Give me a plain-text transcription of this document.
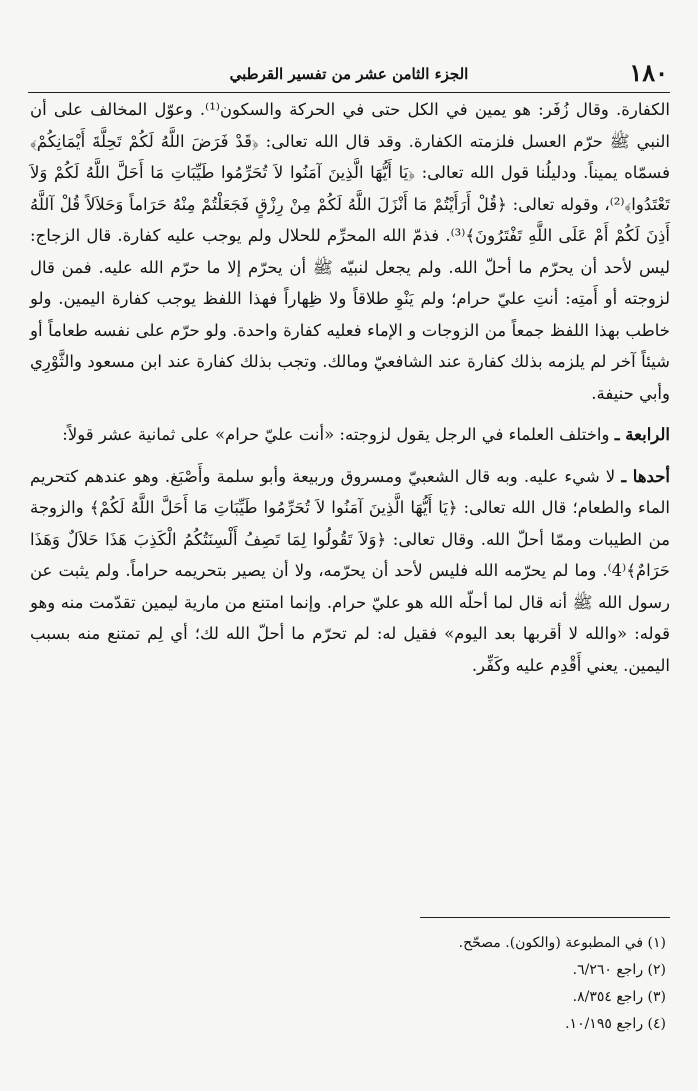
١٨٠
الجزء الثامن عشر من تفسير القرطبي

الكفارة. وقال زُفَر: هو يمين في الكل حتى في الحركة والسكون⁽¹⁾. وعوّل المخالف على أن النبي ﷺ حرّم العسل فلزمته الكفارة. وقد قال الله تعالى: ﴿قَدْ فَرَضَ اللَّهُ لَكُمْ تَحِلَّةَ أَيْمَانِكُمْ﴾ فسمّاه يميناً. ودليلُنا قول الله تعالى: ﴿يَا أَيُّهَا الَّذِينَ آمَنُوا لاَ تُحَرِّمُوا طَيِّبَاتِ مَا أَحَلَّ اللَّهُ لَكُمْ وَلاَ تَعْتَدُوا﴾⁽²⁾، وقوله تعالى: ﴿قُلْ أَرَأَيْتُمْ مَا أَنْزَلَ اللَّهُ لَكُمْ مِنْ رِزْقٍ فَجَعَلْتُمْ مِنْهُ حَرَاماً وَحَلاَلاً قُلْ آللَّهُ أَذِنَ لَكُمْ أَمْ عَلَى اللَّهِ تَفْتَرُونَ﴾⁽³⁾. فذمّ الله المحرِّم للحلال ولم يوجب عليه كفارة. قال الزجاج: ليس لأحد أن يحرّم ما أحلّ الله. ولم يجعل لنبيّه ﷺ أن يحرّم إلا ما حرّم الله عليه. فمن قال لزوجته أو أَمتِه: أنتِ عليّ حرام؛ ولم يَنْوِ طلاقاً ولا ظِهاراً فهذا اللفظ يوجب كفارة اليمين. ولو خاطب بهذا اللفظ جمعاً من الزوجات و الإماء فعليه كفارة واحدة. ولو حرّم على نفسه طعاماً أو شيئاً آخر لم يلزمه بذلك كفارة عند الشافعيّ ومالك. وتجب بذلك كفارة عند ابن مسعود والثَّوْرِي وأبي حنيفة.

الرابعة ـ واختلف العلماء في الرجل يقول لزوجته: «أنت عليّ حرام» على ثمانية عشر قولاً:

أحدها ـ لا شيء عليه. وبه قال الشعبيّ ومسروق وربيعة وأبو سلمة وأَصْبَغ. وهو عندهم كتحريم الماء والطعام؛ قال الله تعالى: ﴿يَا أَيُّهَا الَّذِينَ آمَنُوا لاَ تُحَرِّمُوا طَيِّبَاتِ مَا أَحَلَّ اللَّهُ لَكُمْ﴾ والزوجة من الطيبات وممّا أحلّ الله. وقال تعالى: ﴿وَلاَ تَقُولُوا لِمَا تَصِفُ أَلْسِنَتُكُمُ الْكَذِبَ هَذَا حَلاَلٌ وَهَذَا حَرَامٌ﴾⁽4⁾. وما لم يحرّمه الله فليس لأحد أن يحرّمه، ولا أن يصير بتحريمه حراماً. ولم يثبت عن رسول الله ﷺ أنه قال لما أحلّه الله هو عليّ حرام. وإنما امتنع من مارية ليمين تقدّمت منه وهو قوله: «والله لا أقربها بعد اليوم» فقيل له: لم تحرّم ما أحلّ الله لك؛ أي لِم تمتنع منه بسبب اليمين. يعني أَقْدِم عليه وكَفِّر.

(١) في المطبوعة (والكون). مصحّح.
(٢) راجع ٦/٢٦٠.
(٣) راجع ٨/٣٥٤.
(٤) راجع ١٠/١٩٥.
